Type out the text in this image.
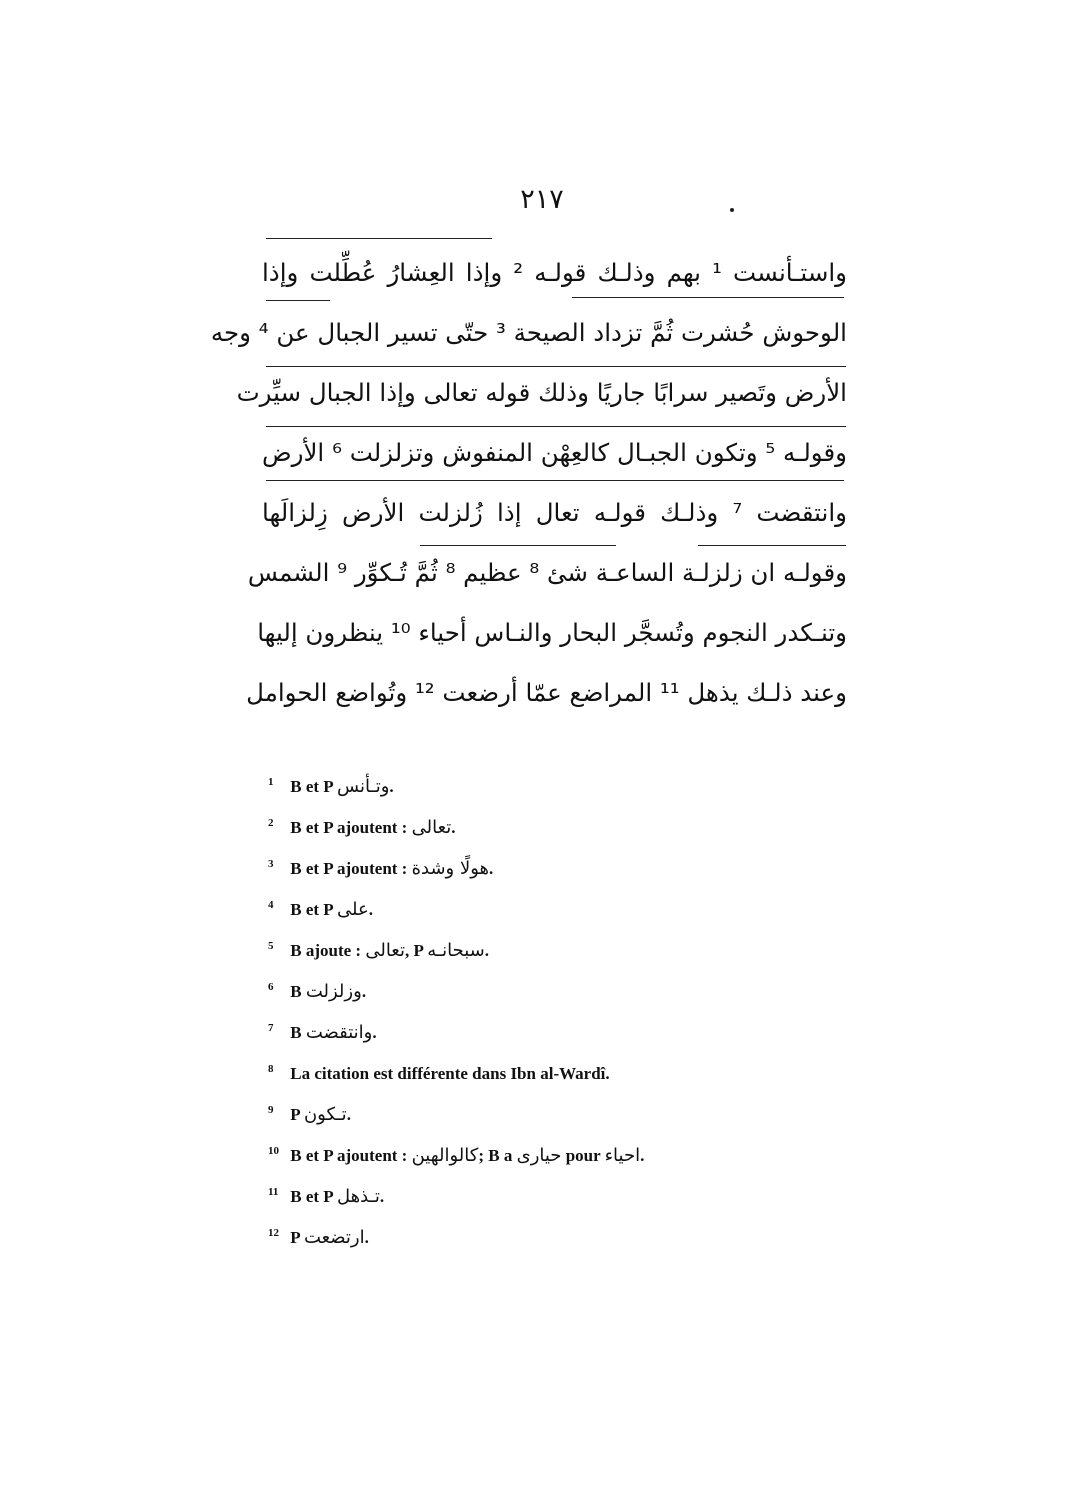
٢١٧
واستـأنست ¹ بهم وذلـك قولـه ² وإذا العِشارُ عُطِّلت وإذا
الوحوش حُشرت ثُمَّ تزداد الصيحة ³ حتّى تسير الجبال عن ⁴ وجه
الأرض وتَصير سرابًا جاريًا وذلك قوله تعالى وإذا الجبال سيِّرت
وقولـه ⁵ وتكون الجبـال كالعِهْن المنفوش وتزلزلت ⁶ الأرض
وانتقضت ⁷ وذلـك قولـه تعال إذا زُلزلت الأرض زِلزالَها
وقولـه ان زلزلـة الساعـة شئ ⁸ عظيم ⁸ ثُمَّ تُـكوِّر ⁹ الشمس
وتنـكدر النجوم وتُسجَّر البحار والنـاس أحياء ¹⁰ ينظرون إليها
وعند ذلـك يذهل ¹¹ المراضع عمّا أرضعت ¹² وتُواضع الحوامل
1 B et P وتـأنس.
2 B et P ajoutent : تعالى.
3 B et P ajoutent : هولًا وشدة.
4 B et P على.
5 B ajoute : تعالى, P سبحانـه.
6 B وزلزلت.
7 B وانتقضت.
8 La citation est différente dans Ibn al-Wardî.
9 P تـكون.
10 B et P ajoutent : كالوالهين; B a حيارى pour احياء.
11 B et P تـذهل.
12 P ارتضعت.
